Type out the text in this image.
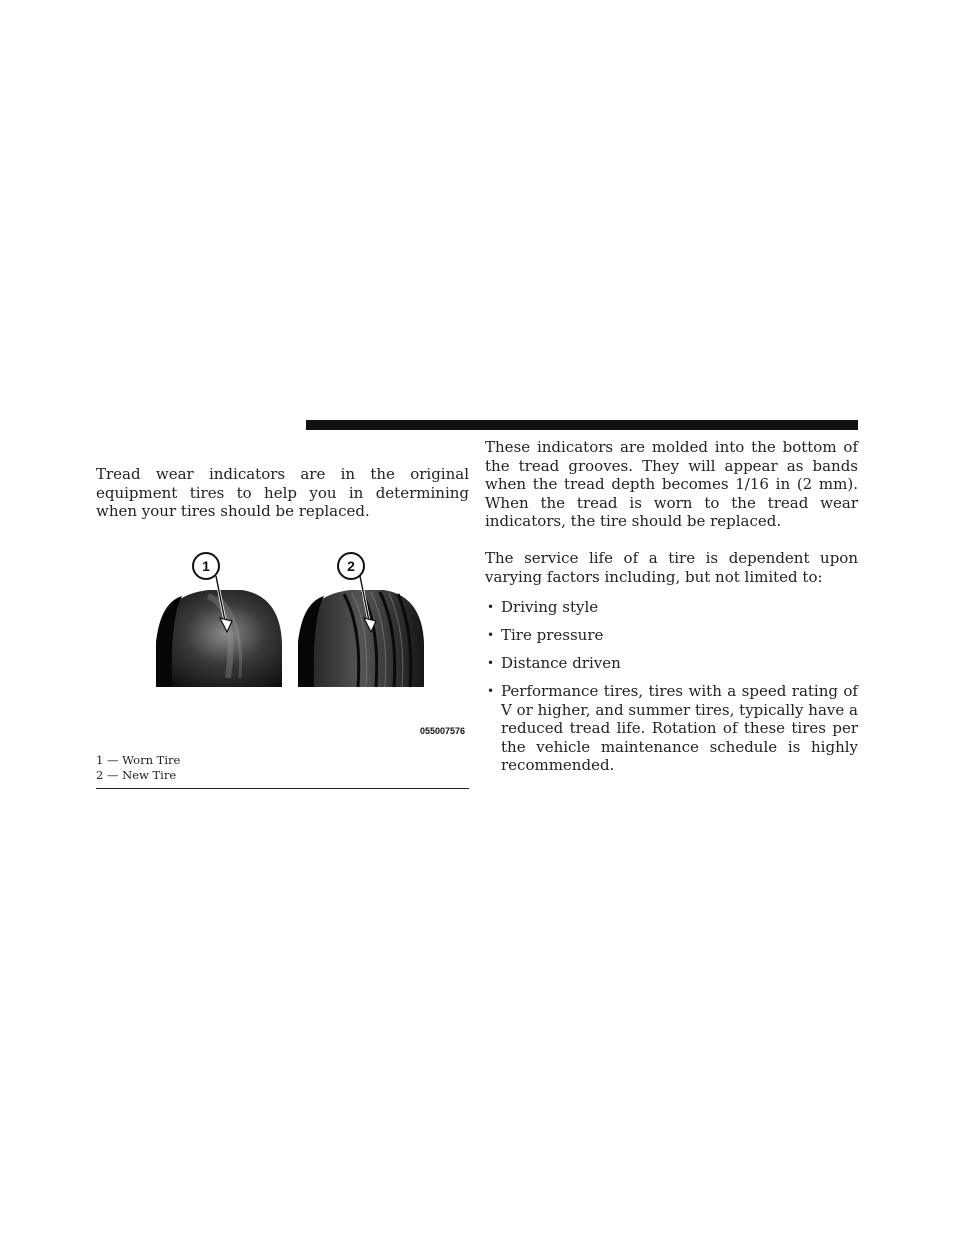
Tread wear indicators are in the original equipment tires to help you in determining when your tires should be replaced.

1	2
055007576
1 — Worn Tire
2 — New Tire

These indicators are molded into the bottom of the tread grooves. They will appear as bands when the tread depth becomes 1/16 in (2 mm). When the tread is worn to the tread wear indicators, the tire should be replaced.

The service life of a tire is dependent upon varying factors including, but not limited to:

• Driving style
• Tire pressure
• Distance driven
• Performance tires, tires with a speed rating of V or higher, and summer tires, typically have a reduced tread life. Rotation of these tires per the vehicle maintenance schedule is highly recommended.
